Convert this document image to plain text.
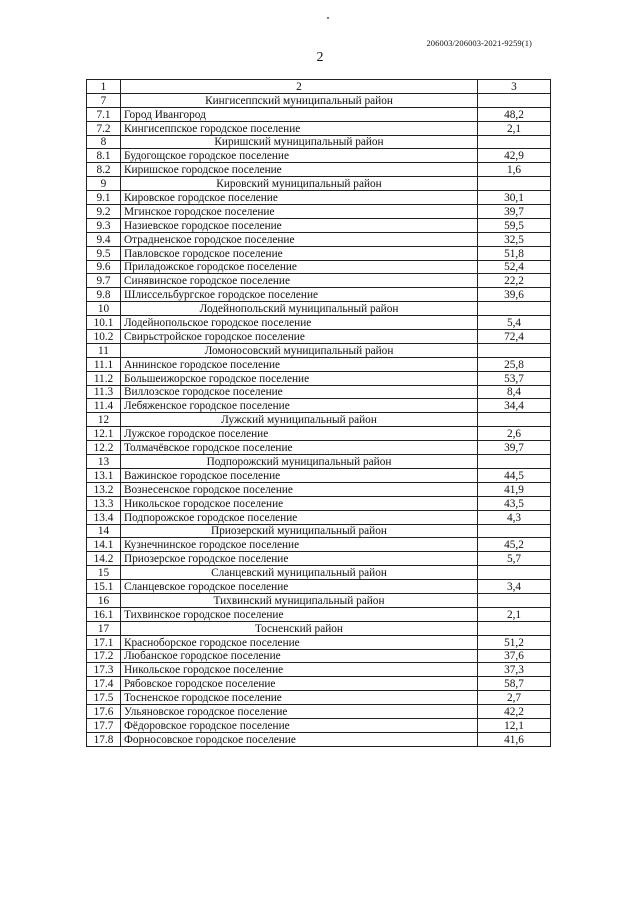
206003/206003-2021-9259(1)
2
1	2	3
7	Кингисеппский муниципальный район	
7.1	Город Ивангород	48,2
7.2	Кингисеппское городское поселение	2,1
8	Киришский муниципальный район	
8.1	Будогощское городское поселение	42,9
8.2	Киришское городское поселение	1,6
9	Кировский муниципальный район	
9.1	Кировское городское поселение	30,1
9.2	Мгинское городское поселение	39,7
9.3	Назиевское городское поселение	59,5
9.4	Отрадненское городское поселение	32,5
9.5	Павловское городское поселение	51,8
9.6	Приладожское городское поселение	52,4
9.7	Синявинское городское поселение	22,2
9.8	Шлиссельбургское городское поселение	39,6
10	Лодейнопольский муниципальный район	
10.1	Лодейнопольское городское поселение	5,4
10.2	Свирьстройское городское поселение	72,4
11	Ломоносовский муниципальный район	
11.1	Аннинское городское поселение	25,8
11.2	Большеижорское городское поселение	53,7
11.3	Виллозское городское поселение	8,4
11.4	Лебяженское городское поселение	34,4
12	Лужский муниципальный район	
12.1	Лужское городское поселение	2,6
12.2	Толмачёвское городское поселение	39,7
13	Подпорожский муниципальный район	
13.1	Важинское городское поселение	44,5
13.2	Вознесенское городское поселение	41,9
13.3	Никольское городское поселение	43,5
13.4	Подпорожское городское поселение	4,3
14	Приозерский муниципальный район	
14.1	Кузнечнинское городское поселение	45,2
14.2	Приозерское городское поселение	5,7
15	Сланцевский муниципальный район	
15.1	Сланцевское городское поселение	3,4
16	Тихвинский муниципальный район	
16.1	Тихвинское городское поселение	2,1
17	Тосненский район	
17.1	Красноборское городское поселение	51,2
17.2	Любанское городское поселение	37,6
17.3	Никольское городское поселение	37,3
17.4	Рябовское городское поселение	58,7
17.5	Тосненское городское поселение	2,7
17.6	Ульяновское городское поселение	42,2
17.7	Фёдоровское городское поселение	12,1
17.8	Форносовское городское поселение	41,6
